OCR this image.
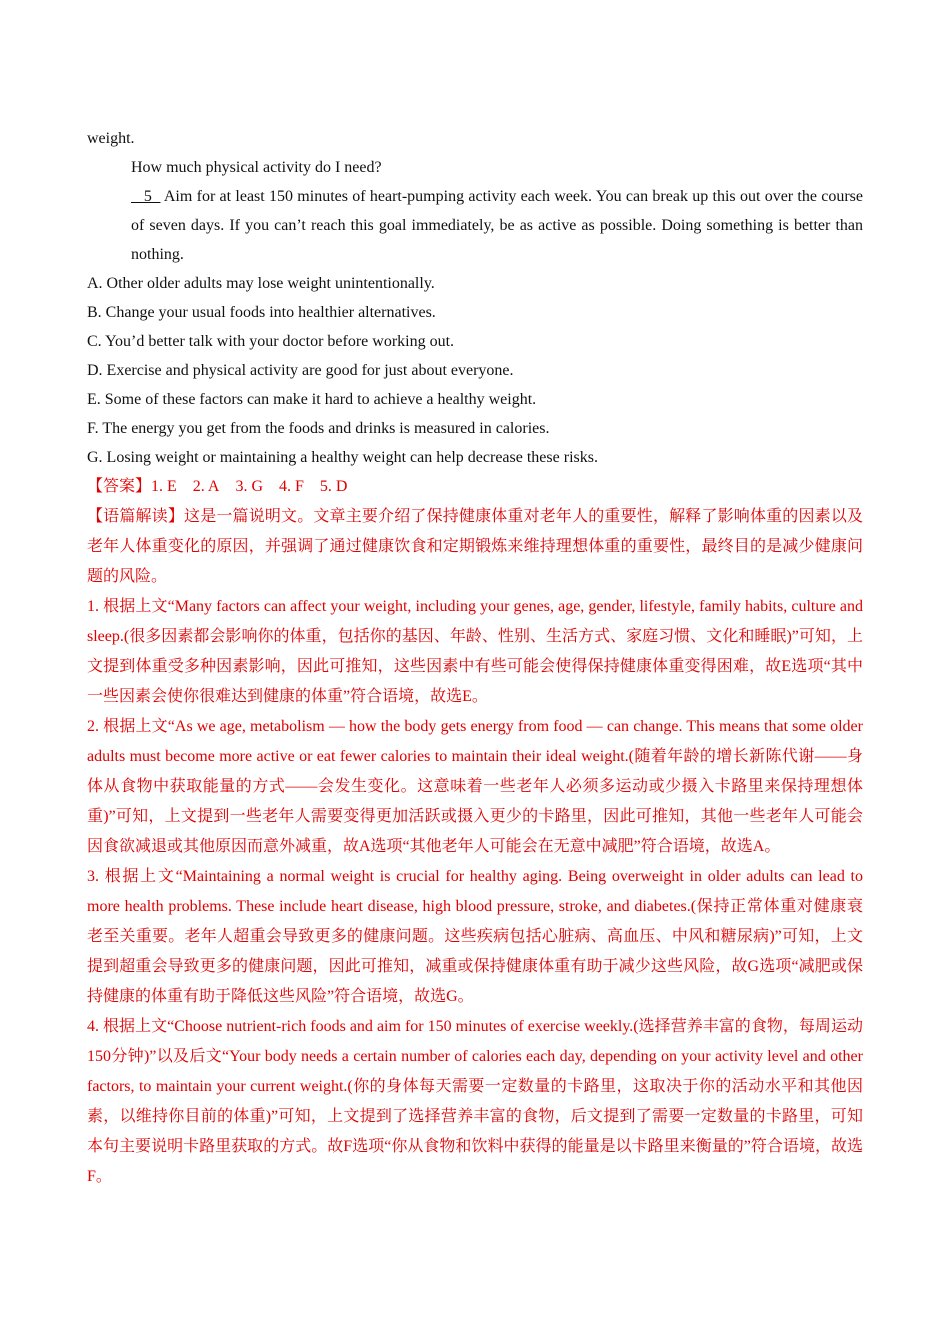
weight.

How much physical activity do I need?

5   Aim for at least 150 minutes of heart-pumping activity each week. You can break up this out over the course of seven days. If you can’t reach this goal immediately, be as active as possible. Doing something is better than nothing.

A. Other older adults may lose weight unintentionally.

B. Change your usual foods into healthier alternatives.

C. You’d better talk with your doctor before working out.

D. Exercise and physical activity are good for just about everyone.

E. Some of these factors can make it hard to achieve a healthy weight.

F. The energy you get from the foods and drinks is measured in calories.

G. Losing weight or maintaining a healthy weight can help decrease these risks.

【答案】1. E    2. A    3. G    4. F    5. D

【语篇解读】这是一篇说明文。文章主要介绍了保持健康体重对老年人的重要性，解释了影响体重的因素以及老年人体重变化的原因，并强调了通过健康饮食和定期锻炼来维持理想体重的重要性，最终目的是减少健康问题的风险。

1. 根据上文“Many factors can affect your weight, including your genes, age, gender, lifestyle, family habits, culture and sleep.(很多因素都会影响你的体重，包括你的基因、年龄、性别、生活方式、家庭习惯、文化和睡眠)”可知，上文提到体重受多种因素影响，因此可推知，这些因素中有些可能会使得保持健康体重变得困难，故E选项“其中一些因素会使你很难达到健康的体重”符合语境，故选E。

2. 根据上文“As we age, metabolism — how the body gets energy from food — can change. This means that some older adults must become more active or eat fewer calories to maintain their ideal weight.(随着年龄的增长新陈代谢——身体从食物中获取能量的方式——会发生变化。这意味着一些老年人必须多运动或少摄入卡路里来保持理想体重)”可知，上文提到一些老年人需要变得更加活跃或摄入更少的卡路里，因此可推知，其他一些老年人可能会因食欲减退或其他原因而意外减重，故A选项“其他老年人可能会在无意中减肥”符合语境，故选A。

3. 根据上文“Maintaining a normal weight is crucial for healthy aging. Being overweight in older adults can lead to more health problems. These include heart disease, high blood pressure, stroke, and diabetes.(保持正常体重对健康衰老至关重要。老年人超重会导致更多的健康问题。这些疾病包括心脏病、高血压、中风和糖尿病)”可知，上文提到超重会导致更多的健康问题，因此可推知，减重或保持健康体重有助于减少这些风险，故G选项“减肥或保持健康的体重有助于降低这些风险”符合语境，故选G。

4. 根据上文“Choose nutrient-rich foods and aim for 150 minutes of exercise weekly.(选择营养丰富的食物，每周运动150分钟)”以及后文“Your body needs a certain number of calories each day, depending on your activity level and other factors, to maintain your current weight.(你的身体每天需要一定数量的卡路里，这取决于你的活动水平和其他因素，以维持你目前的体重)”可知，上文提到了选择营养丰富的食物，后文提到了需要一定数量的卡路里，可知本句主要说明卡路里获取的方式。故F选项“你从食物和饮料中获得的能量是以卡路里来衡量的”符合语境，故选F。
